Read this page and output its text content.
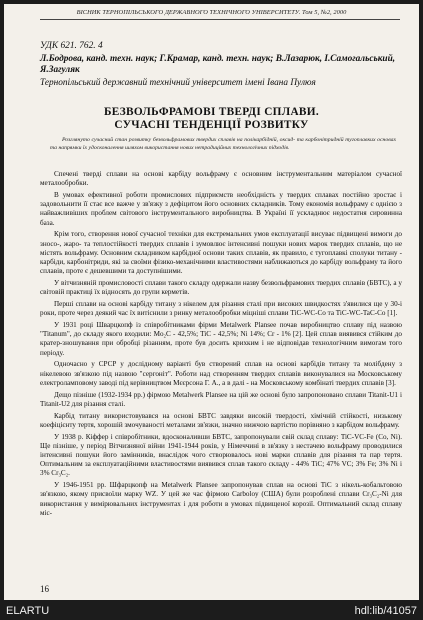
ВІСНИК ТЕРНОПІЛЬСЬКОГО ДЕРЖАВНОГО ТЕХНІЧНОГО УНІВЕРСИТЕТУ. Том 5, №2, 2000
УДК 621. 762. 4
Л.Бодрова, канд. техн. наук; Г.Крамар, канд. техн. наук; В.Лазарюк, І.Самогальський, Я.Загуляк
Тернопільський державний технічний університет імені Івана Пулюя
БЕЗВОЛЬФРАМОВІ ТВЕРДІ СПЛАВИ.
СУЧАСНІ ТЕНДЕНЦІЇ РОЗВИТКУ
Розглянуто сучасний стан розвитку безвольфрамових твердих сплавів на полікарбідній, оксид- та карбонітридній тугоплавких основах та напрямки їх удосконалення шляхом використання нових нетрадиційних технологічних підходів.

Спечені тверді сплави на основі карбіду вольфраму є основним інструментальним матеріалом сучасної металообробки.

В умовах ефективної роботи промислових підприємств необхідність у твердих сплавах постійно зростає і задовольнити її стає все важче у зв'язку з дефіцитом його основних складників. Тому економія вольфраму є однією з найважливіших проблем світового інструментального виробництва. В Україні її ускладнює недостатня сировинна база.

Крім того, створення нової сучасної техніки для екстремальних умов експлуатації висуває підвищені вимоги до зносо-, жаро- та теплостійкості твердих сплавів і зумовлює інтенсивні пошуки нових марок твердих сплавів, що не містять вольфраму. Основним складником карбідної основи таких сплавів, як правило, є тугоплавкі сполуки титану - карбіди, карбонітриди, які за своїми фізико-механічними властивостями наближаються до карбіду вольфраму та його сплавів, проте є дешевшими та доступнішими.

У вітчизняній промисловості сплави такого складу одержали назву безвольфрамових твердих сплавів (БВТС), а у світовій практиці їх відносять до групи керметів.

Перші сплави на основі карбіду титану з нікелем для різання сталі при високих швидкостях з'явилися ще у 30-і роки, проте через деякий час їх витіснили з ринку металообробки міцніші сплави TiC-WC-Co та TiC-WC-TaC-Co [1].

У 1931 році Шварцкопф із співробітниками фірми Metalwerk Plansee почав виробництво сплаву під назвою "Titanum", до складу якого входили: Mo₂C - 42,5%; TiC - 42,5%; Ni 14%; Cr - 1% [2]. Цей сплав виявився стійким до кратер-зношування при обробці різанням, проте був досить крихким і не відповідав технологічним вимогам того періоду.

Одночасно у СРСР у дослідному варіанті був створений сплав на основі карбідів титану та молібдену з нікелевою зв'язкою під назвою "сергоніт". Роботи над створенням твердих сплавів виконувалися на Московському електроламповому заводі під керівництвом Мєєрсона Г. А., а в далі - на Московському комбінаті твердих сплавів [3].

Дещо пізніше (1932-1934 рр.) фірмою Metalwerk Plansee на цій же основі було запропоновано сплави Titanit-U1 і Titanit-U2 для різання сталі.

Карбід титану використовувався на основі БВТС завдяки високій твердості, хімічній стійкості, низькому коефіцієнту тертя, хорошій змочуваності металами зв'язки, значно нижчою вартістю порівняно з карбідом вольфраму.

У 1938 р. Кіффер і співробітники, вдосконаливши БВТС, запропонували свій склад сплаву: TiC-VC-Fe (Co, Ni). Ще пізніше, у період Вітчизняної війни 1941-1944 років, у Німеччині в зв'язку з нестачею вольфраму проводилися інтенсивні пошуки його замінників, внаслідок чого створювалось нові марки сплавів для різання та пар тертя. Оптимальним за експлуатаційними властивостями виявився сплав такого складу - 44% TiC; 47% VC; 3% Fe; 3% Ni і 3% Cr₃C₂.

У 1946-1951 рр. Шфарцкопф на Metalwerk Plansee запропонував сплав на основі TiC з нікель-кобальтовою зв'язкою, якому присвоїли марку WZ. У цей же час фірмою Carboloy (США) були розроблені сплави Cr₃C₂-Ni для використання у вимірювальних інструментах і для роботи в умовах підвищеної корозії. Оптимальний склад сплаву міс-

16
ELARTU	hdl:lib/41057
